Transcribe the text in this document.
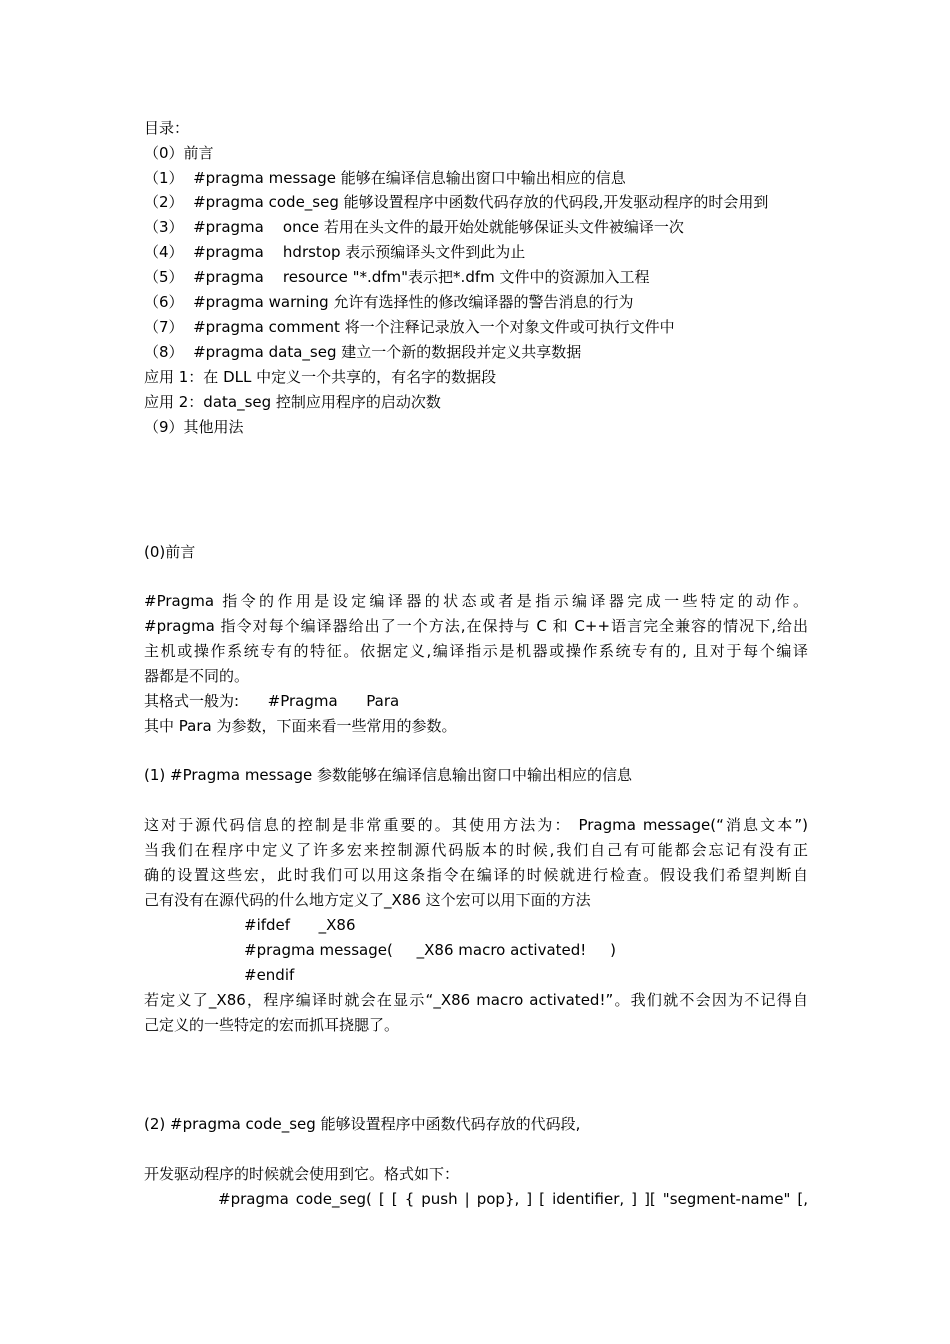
目录：
（0）前言
（1）  #pragma message 能够在编译信息输出窗口中输出相应的信息
（2）  #pragma code_seg 能够设置程序中函数代码存放的代码段,开发驱动程序的时会用到
（3）  #pragma    once 若用在头文件的最开始处就能够保证头文件被编译一次
（4）  #pragma    hdrstop 表示预编译头文件到此为止
（5）  #pragma    resource "*.dfm"表示把*.dfm 文件中的资源加入工程
（6）  #pragma warning 允许有选择性的修改编译器的警告消息的行为
（7）  #pragma comment 将一个注释记录放入一个对象文件或可执行文件中
（8）  #pragma data_seg 建立一个新的数据段并定义共享数据
应用 1：在 DLL 中定义一个共享的，有名字的数据段
应用 2：data_seg 控制应用程序的启动次数
（9）其他用法
(0)前言
#Pragma 指令的作用是设定编译器的状态或者是指示编译器完成一些特定的动作。
#pragma 指令对每个编译器给出了一个方法,在保持与 C 和 C++语言完全兼容的情况下,给出
主机或操作系统专有的特征。依据定义,编译指示是机器或操作系统专有的, 且对于每个编译
器都是不同的。
其格式一般为:      #Pragma      Para
其中 Para 为参数，下面来看一些常用的参数。
(1) #Pragma message 参数能够在编译信息输出窗口中输出相应的信息
这对于源代码信息的控制是非常重要的。其使用方法为： Pragma message(“消息文本”)
当我们在程序中定义了许多宏来控制源代码版本的时候,我们自己有可能都会忘记有没有正
确的设置这些宏，此时我们可以用这条指令在编译的时候就进行检查。假设我们希望判断自
己有没有在源代码的什么地方定义了_X86 这个宏可以用下面的方法
#ifdef      _X86
#pragma message(     _X86 macro activated!     )
#endif
若定义了_X86，程序编译时就会在显示“_X86 macro activated!”。我们就不会因为不记得自
己定义的一些特定的宏而抓耳挠腮了。
(2) #pragma code_seg 能够设置程序中函数代码存放的代码段,
开发驱动程序的时候就会使用到它。格式如下：
#pragma code_seg( [ [ { push | pop}, ] [ identifier, ] ][ "segment-name" [,
